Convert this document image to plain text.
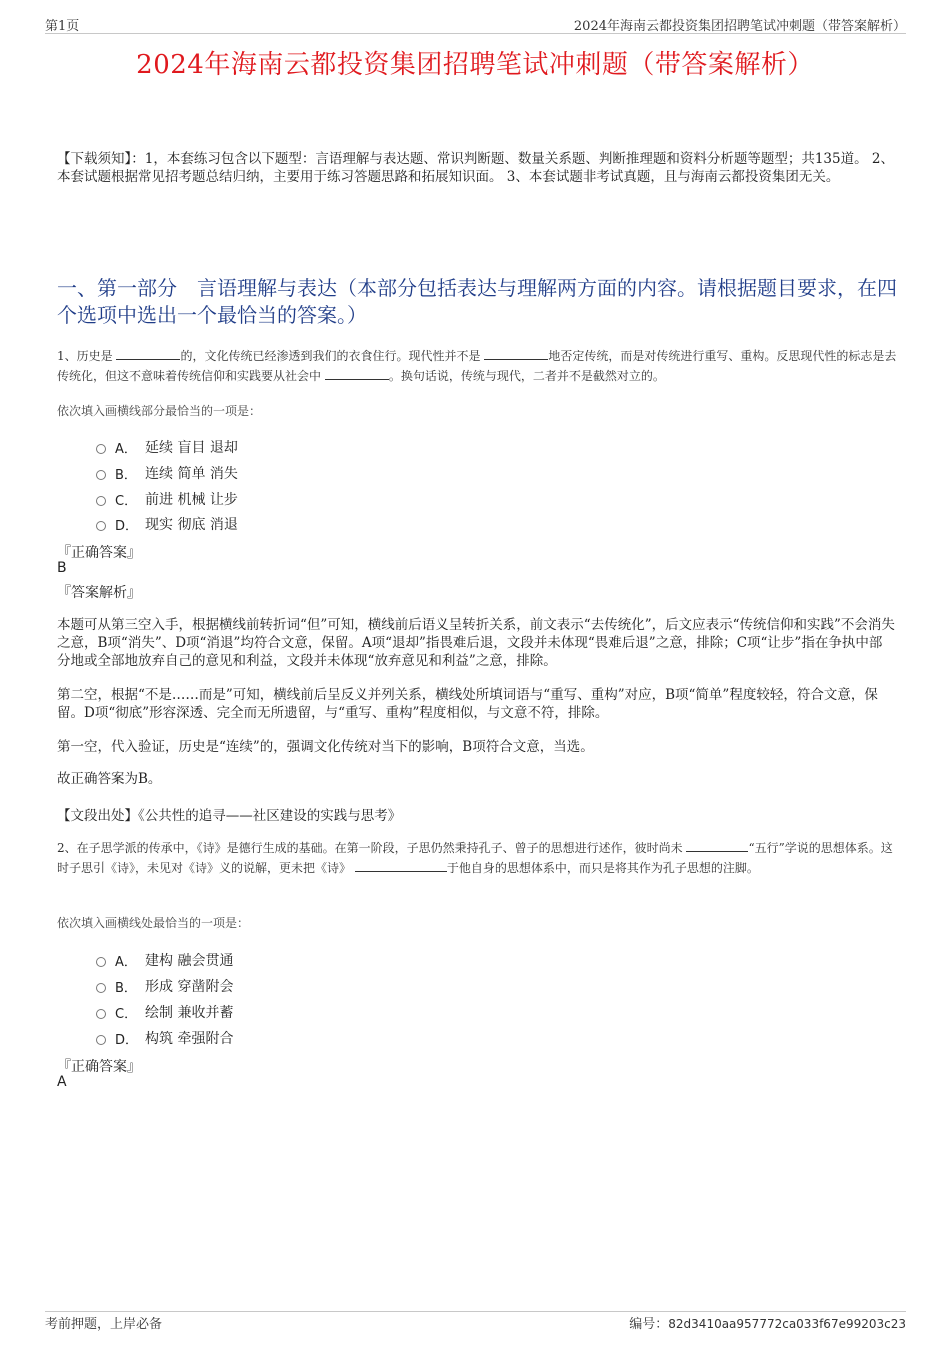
第1页	2024年海南云都投资集团招聘笔试冲刺题（带答案解析）
2024年海南云都投资集团招聘笔试冲刺题（带答案解析）
【下载须知】：1，本套练习包含以下题型：言语理解与表达题、常识判断题、数量关系题、判断推理题和资料分析题等题型；共135道。 2、本套试题根据常见招考题总结归纳，主要用于练习答题思路和拓展知识面。 3、本套试题非考试真题，且与海南云都投资集团无关。
一、第一部分　言语理解与表达（本部分包括表达与理解两方面的内容。请根据题目要求，在四个选项中选出一个最恰当的答案。）
1、历史是	的，文化传统已经渗透到我们的衣食住行。现代性并不是	地否定传统，而是对传统进行重写、重构。反思现代性的标志是去传统化，但这不意味着传统信仰和实践要从社会中	。换句话说，传统与现代，二者并不是截然对立的。
依次填入画横线部分最恰当的一项是：
A． 延续 盲目 退却
B． 连续 简单 消失
C． 前进 机械 让步
D． 现实 彻底 消退
『正确答案』
B
『答案解析』
本题可从第三空入手，根据横线前转折词“但”可知，横线前后语义呈转折关系，前文表示“去传统化”，后文应表示“传统信仰和实践”不会消失之意，B项“消失”、D项“消退”均符合文意，保留。A项“退却”指畏难后退，文段并未体现“畏难后退”之意，排除；C项“让步”指在争执中部分地或全部地放弃自己的意见和利益，文段并未体现“放弃意见和利益”之意，排除。
第二空，根据“不是……而是”可知，横线前后呈反义并列关系，横线处所填词语与“重写、重构”对应，B项“简单”程度较轻，符合文意，保留。D项“彻底”形容深透、完全而无所遗留，与“重写、重构”程度相似，与文意不符，排除。
第一空，代入验证，历史是“连续”的，强调文化传统对当下的影响，B项符合文意，当选。
故正确答案为B。
【文段出处】《公共性的追寻——社区建设的实践与思考》
2、在子思学派的传承中，《诗》是德行生成的基础。在第一阶段，子思仍然秉持孔子、曾子的思想进行述作，彼时尚未	“五行”学说的思想体系。这时子思引《诗》，未见对《诗》义的说解，更未把《诗》	于他自身的思想体系中，而只是将其作为孔子思想的注脚。
依次填入画横线处最恰当的一项是：
A． 建构 融会贯通
B． 形成 穿凿附会
C． 绘制 兼收并蓄
D． 构筑 牵强附合
『正确答案』
A
考前押题，上岸必备	编号：82d3410aa957772ca033f67e99203c23
